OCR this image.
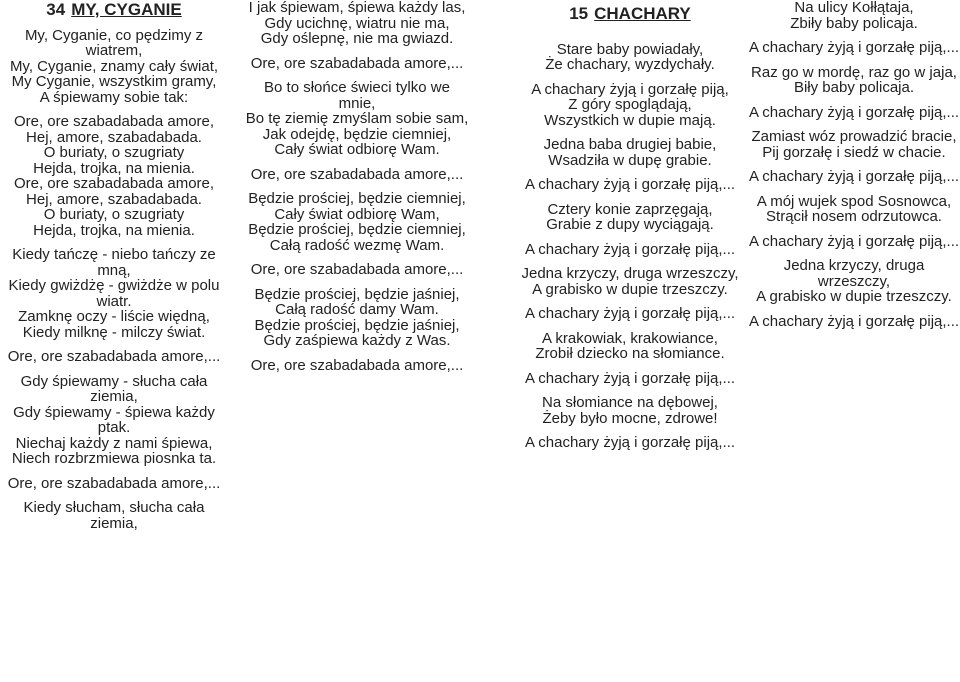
34 MY, CYGANIE
My, Cyganie, co pędzimy z wiatrem,
My, Cyganie, znamy cały świat,
My Cyganie, wszystkim gramy,
A śpiewamy sobie tak:
Ore, ore szabadabada amore,
Hej, amore, szabadabada.
O buriaty, o szugriaty
Hejda, trojka, na mienia.
Ore, ore szabadabada amore,
Hej, amore, szabadabada.
O buriaty, o szugriaty
Hejda, trojka, na mienia.
Kiedy tańczę - niebo tańczy ze mną,
Kiedy gwiżdżę - gwiżdże w polu wiatr.
Zamknę oczy - liście więdną,
Kiedy milknę - milczy świat.
Ore, ore szabadabada amore,...
Gdy śpiewamy - słucha cała ziemia,
Gdy śpiewamy - śpiewa każdy ptak.
Niechaj każdy z nami śpiewa,
Niech rozbrzmiewa piosnka ta.
Ore, ore szabadabada amore,...
Kiedy słucham, słucha cała ziemia,
I jak śpiewam, śpiewa każdy las,
Gdy ucichnę, wiatru nie ma,
Gdy oślepnę, nie ma gwiazd.
Ore, ore szabadabada amore,...
Bo to słońce świeci tylko we mnie,
Bo tę ziemię zmyślam sobie sam,
Jak odejdę, będzie ciemniej,
Cały świat odbiorę Wam.
Ore, ore szabadabada amore,...
Będzie prościej, będzie ciemniej,
Cały świat odbiorę Wam,
Będzie prościej, będzie ciemniej,
Całą radość wezmę Wam.
Ore, ore szabadabada amore,...
Będzie prościej, będzie jaśniej,
Całą radość damy Wam.
Będzie prościej, będzie jaśniej,
Gdy zaśpiewa każdy z Was.
Ore, ore szabadabada amore,...
15 CHACHARY
Stare baby powiadały,
Że chachary, wyzdychały.
A chachary żyją i gorzałę piją,
Z góry spoglądają,
Wszystkich w dupie mają.
Jedna baba drugiej babie,
Wsadziła w dupę grabie.
A chachary żyją i gorzałę piją,...
Cztery konie zaprzęgają,
Grabie z dupy wyciągają.
A chachary żyją i gorzałę piją,...
Jedna krzyczy, druga wrzeszczy,
A grabisko w dupie trzeszczy.
A chachary żyją i gorzałę piją,...
A krakowiak, krakowiance,
Zrobił dziecko na słomiance.
A chachary żyją i gorzałę piją,...
Na słomiance na dębowej,
Żeby było mocne, zdrowe!
A chachary żyją i gorzałę piją,...
Na ulicy Kołłątaja,
Zbiły baby policaja.
A chachary żyją i gorzałę piją,...
Raz go w mordę, raz go w jaja,
Biły baby policaja.
A chachary żyją i gorzałę piją,...
Zamiast wóz prowadzić bracie,
Pij gorzałę i siedź w chacie.
A chachary żyją i gorzałę piją,...
A mój wujek spod Sosnowca,
Strącił nosem odrzutowca.
A chachary żyją i gorzałę piją,...
Jedna krzyczy, druga wrzeszczy,
A grabisko w dupie trzeszczy.
A chachary żyją i gorzałę piją,...
